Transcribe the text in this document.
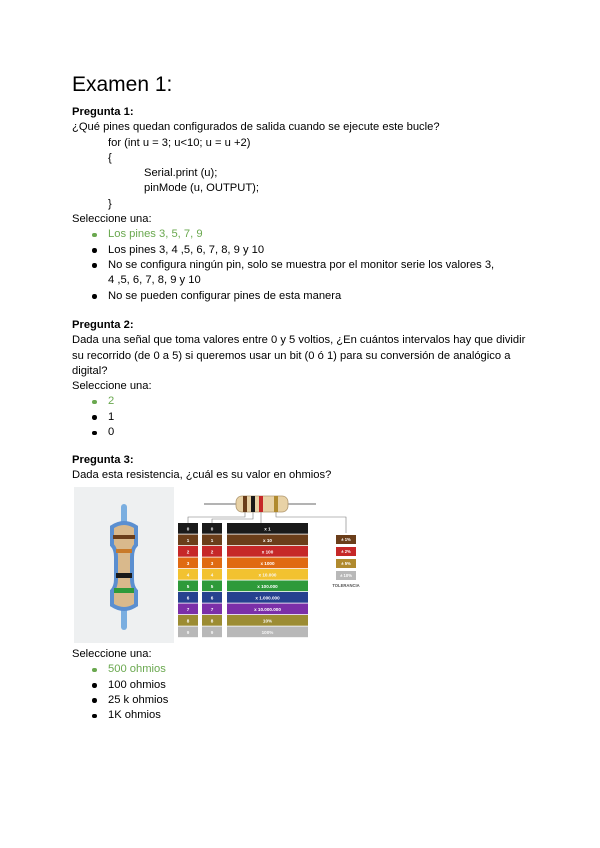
Examen 1:
Pregunta 1:
¿Qué pines quedan configurados de salida cuando se ejecute este bucle?
for (int u = 3; u<10; u = u +2)
{
Serial.print (u);
pinMode (u, OUTPUT);
}
Seleccione una:
Los pines 3, 5, 7, 9
Los pines 3, 4 ,5, 6, 7, 8, 9 y 10
No se configura ningún pin, solo se muestra por el monitor serie los valores 3, 4 ,5, 6, 7, 8, 9 y 10
No se pueden configurar pines de esta manera
Pregunta 2:
Dada una señal que toma valores entre 0 y 5 voltios, ¿En cuántos intervalos hay que dividir su recorrido (de 0 a 5) si queremos usar un bit (0 ó 1) para su conversión de analógico a digital?
Seleccione una:
2
1
0
Pregunta 3:
Dada esta resistencia, ¿cuál es su valor en ohmios?
0	0	x 1
1	1	x 10
2	2	x 100
3	3	x 1000
4	4	x 10.000
5	5	x 100.000
6	6	x 1.000.000
7	7	x 10.000.000
8	8	10%
9	9	100%
± 1%
± 2%
± 5%
± 10%
TOLERANCIA
Seleccione una:
500 ohmios
100 ohmios
25 k ohmios
1K ohmios
